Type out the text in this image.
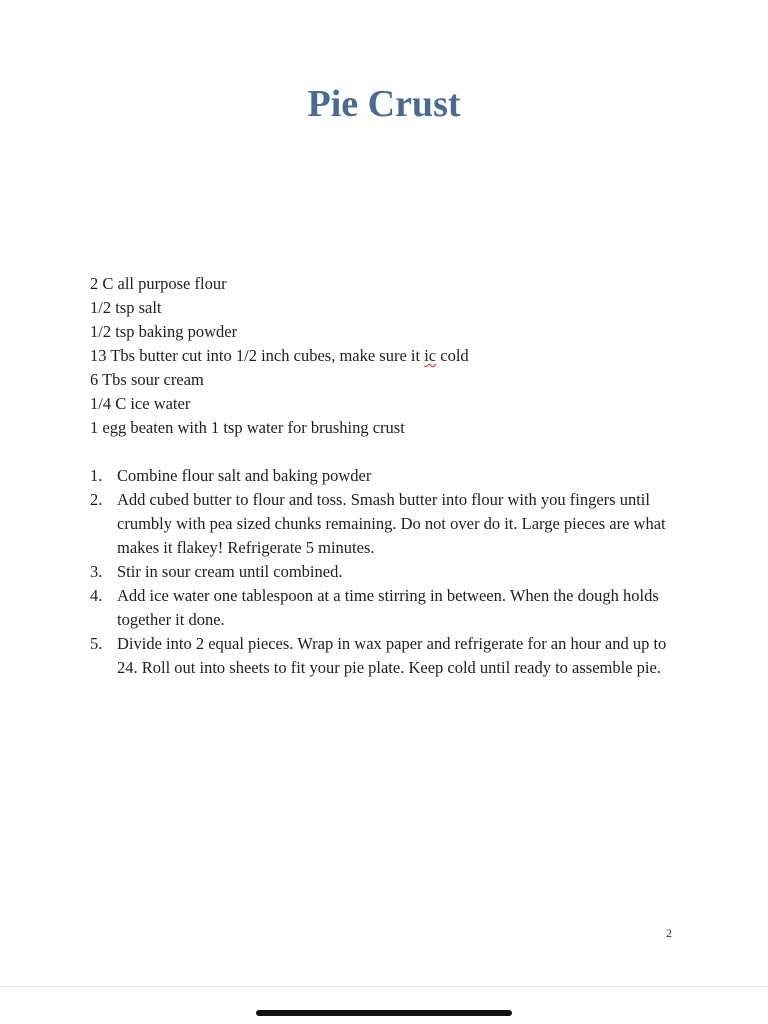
Pie Crust
2 C all purpose flour
1/2 tsp salt
1/2 tsp baking powder
13 Tbs butter cut into 1/2 inch cubes, make sure it ic cold
6 Tbs sour cream
1/4 C ice water
1 egg beaten with 1 tsp water for brushing crust
1. Combine flour salt and baking powder
2. Add cubed butter to flour and toss. Smash butter into flour with you fingers until crumbly with pea sized chunks remaining. Do not over do it. Large pieces are what makes it flakey! Refrigerate 5 minutes.
3. Stir in sour cream until combined.
4. Add ice water one tablespoon at a time stirring in between. When the dough holds together it done.
5. Divide into 2 equal pieces. Wrap in wax paper and refrigerate for an hour and up to 24. Roll out into sheets to fit your pie plate. Keep cold until ready to assemble pie.
2
